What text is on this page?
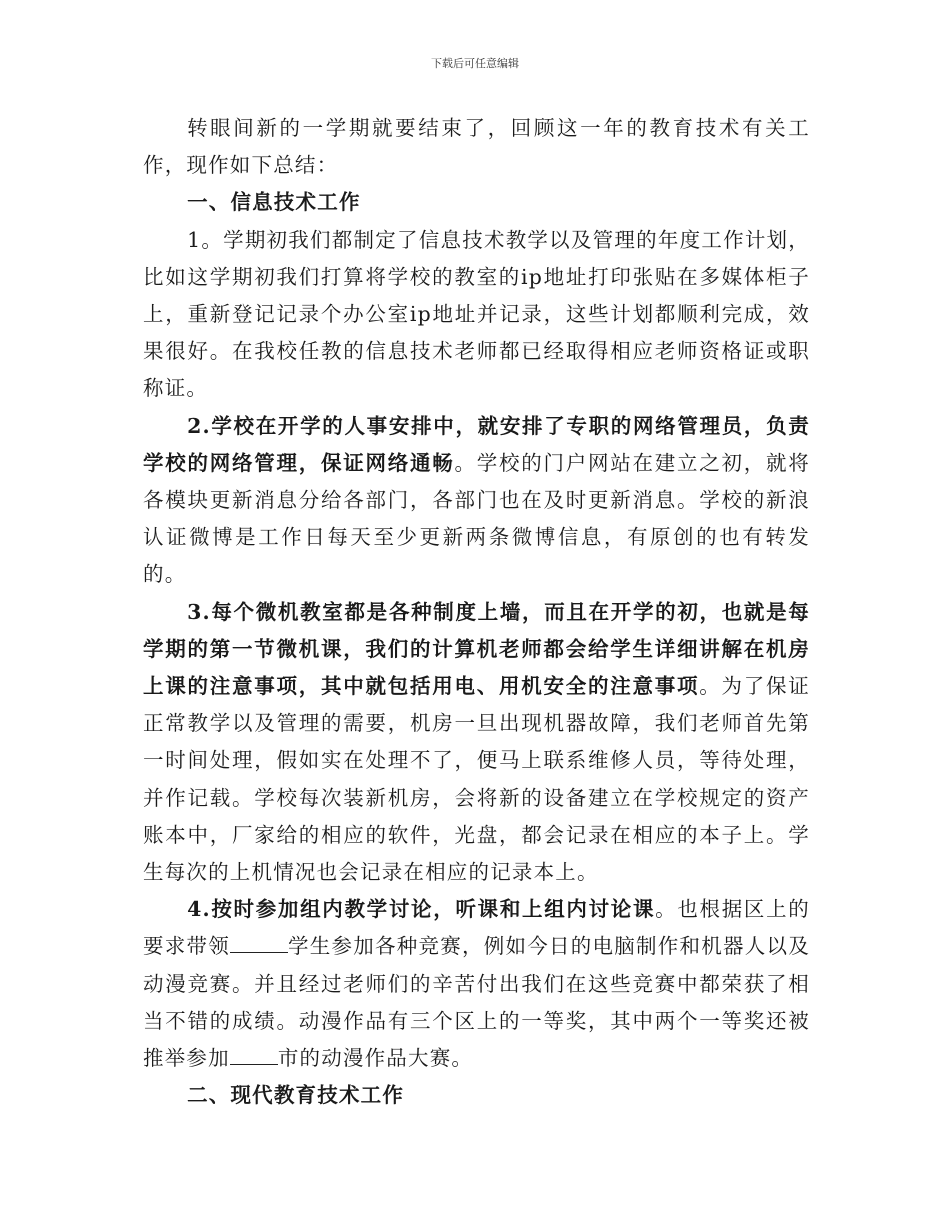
下载后可任意编辑

转眼间新的一学期就要结束了，回顾这一年的教育技术有关工作，现作如下总结：

一、信息技术工作

1。学期初我们都制定了信息技术教学以及管理的年度工作计划，比如这学期初我们打算将学校的教室的ip地址打印张贴在多媒体柜子上，重新登记记录个办公室ip地址并记录，这些计划都顺利完成，效果很好。在我校任教的信息技术老师都已经取得相应老师资格证或职称证。

2.学校在开学的人事安排中，就安排了专职的网络管理员，负责学校的网络管理，保证网络通畅。学校的门户网站在建立之初，就将各模块更新消息分给各部门，各部门也在及时更新消息。学校的新浪认证微博是工作日每天至少更新两条微博信息，有原创的也有转发的。

3.每个微机教室都是各种制度上墙，而且在开学的初，也就是每学期的第一节微机课，我们的计算机老师都会给学生详细讲解在机房上课的注意事项，其中就包括用电、用机安全的注意事项。为了保证正常教学以及管理的需要，机房一旦出现机器故障，我们老师首先第一时间处理，假如实在处理不了，便马上联系维修人员，等待处理，并作记载。学校每次装新机房，会将新的设备建立在学校规定的资产账本中，厂家给的相应的软件，光盘，都会记录在相应的本子上。学生每次的上机情况也会记录在相应的记录本上。

4.按时参加组内教学讨论，听课和上组内讨论课。也根据区上的要求带领	学生参加各种竞赛，例如今日的电脑制作和机器人以及动漫竞赛。并且经过老师们的辛苦付出我们在这些竞赛中都荣获了相当不错的成绩。动漫作品有三个区上的一等奖，其中两个一等奖还被推举参加 市的动漫作品大赛。

二、现代教育技术工作
